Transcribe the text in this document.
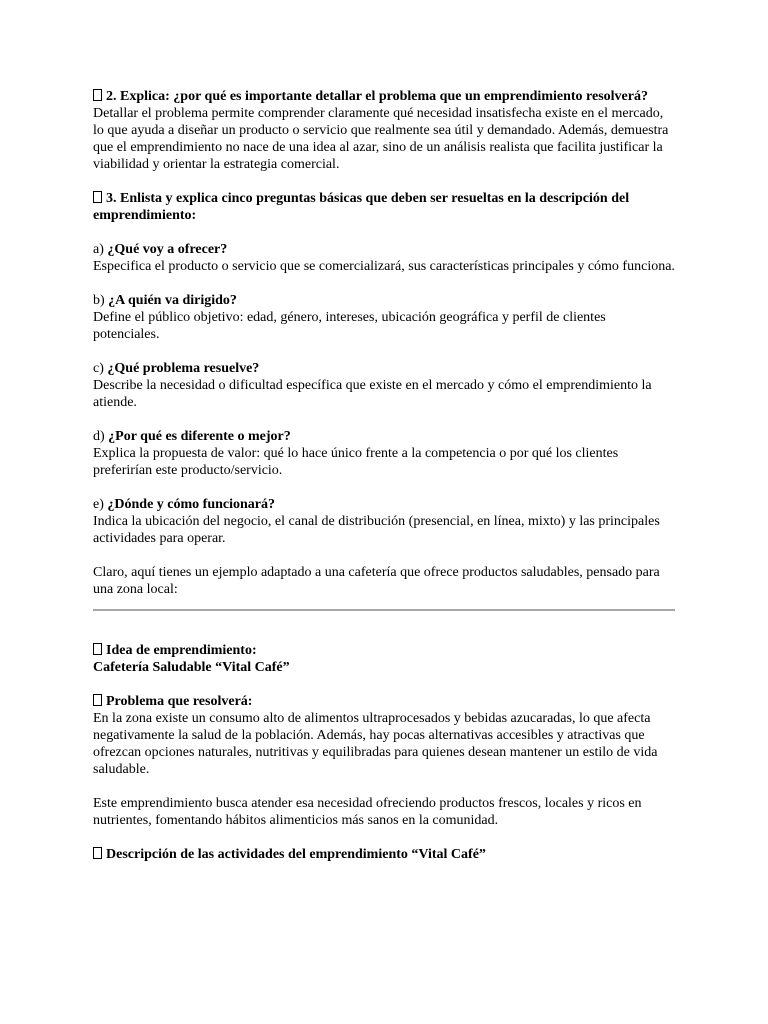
2. Explica: ¿por qué es importante detallar el problema que un emprendimiento resolverá?

Detallar el problema permite comprender claramente qué necesidad insatisfecha existe en el mercado, lo que ayuda a diseñar un producto o servicio que realmente sea útil y demandado. Además, demuestra que el emprendimiento no nace de una idea al azar, sino de un análisis realista que facilita justificar la viabilidad y orientar la estrategia comercial.

3. Enlista y explica cinco preguntas básicas que deben ser resueltas en la descripción del emprendimiento:

a) ¿Qué voy a ofrecer?

Especifica el producto o servicio que se comercializará, sus características principales y cómo funciona.

b) ¿A quién va dirigido?

Define el público objetivo: edad, género, intereses, ubicación geográfica y perfil de clientes potenciales.

c) ¿Qué problema resuelve?

Describe la necesidad o dificultad específica que existe en el mercado y cómo el emprendimiento la atiende.

d) ¿Por qué es diferente o mejor?

Explica la propuesta de valor: qué lo hace único frente a la competencia o por qué los clientes preferirían este producto/servicio.

e) ¿Dónde y cómo funcionará?

Indica la ubicación del negocio, el canal de distribución (presencial, en línea, mixto) y las principales actividades para operar.

Claro, aquí tienes un ejemplo adaptado a una cafetería que ofrece productos saludables, pensado para una zona local:

Idea de emprendimiento:

Cafetería Saludable “Vital Café”

Problema que resolverá:

En la zona existe un consumo alto de alimentos ultraprocesados y bebidas azucaradas, lo que afecta negativamente la salud de la población. Además, hay pocas alternativas accesibles y atractivas que ofrezcan opciones naturales, nutritivas y equilibradas para quienes desean mantener un estilo de vida saludable.

Este emprendimiento busca atender esa necesidad ofreciendo productos frescos, locales y ricos en nutrientes, fomentando hábitos alimenticios más sanos en la comunidad.

Descripción de las actividades del emprendimiento “Vital Café”
